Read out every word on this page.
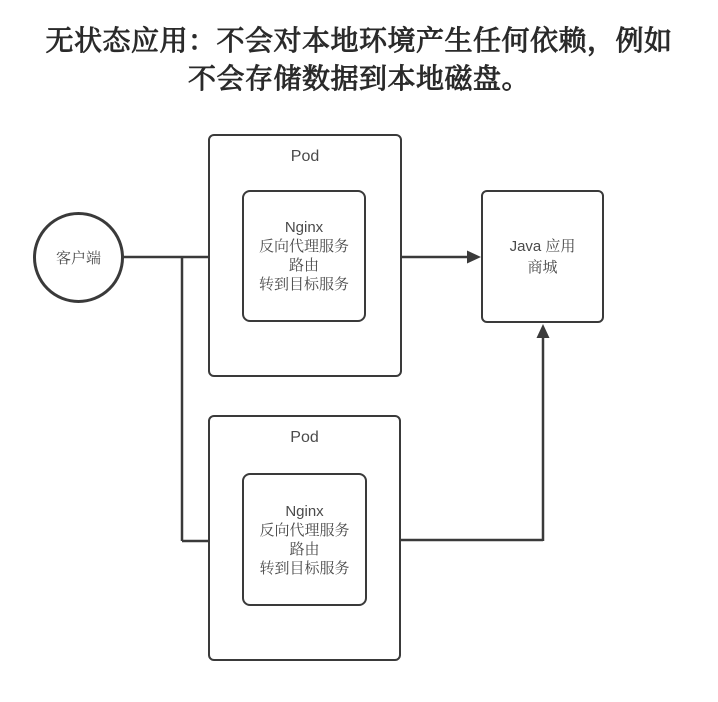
无状态应用：不会对本地环境产生任何依赖，例如
不会存储数据到本地磁盘。
客户端
Pod
Nginx
反向代理服务
路由
转到目标服务
Pod
Nginx
反向代理服务
路由
转到目标服务
Java 应用
商城
